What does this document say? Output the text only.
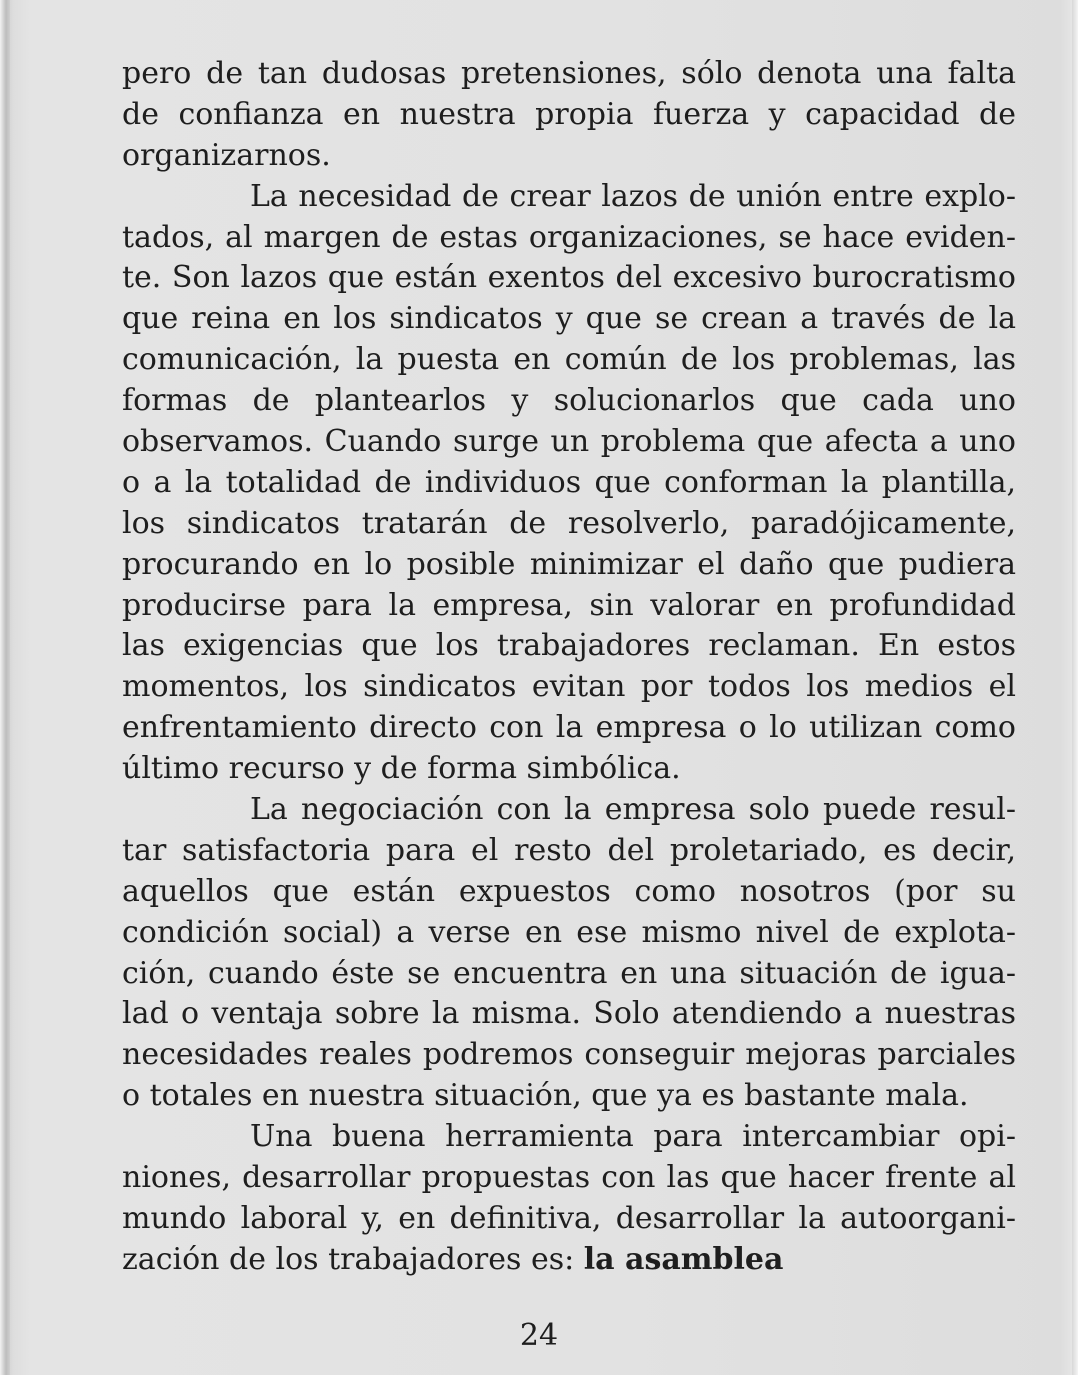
pero de tan dudosas pretensiones, sólo denota una falta
de confianza en nuestra propia fuerza y capacidad de
organizarnos.
La necesidad de crear lazos de unión entre explo-
tados, al margen de estas organizaciones, se hace eviden-
te. Son lazos que están exentos del excesivo burocratismo
que reina en los sindicatos y que se crean a través de la
comunicación, la puesta en común de los problemas, las
formas de plantearlos y solucionarlos que cada uno
observamos. Cuando surge un problema que afecta a uno
o a la totalidad de individuos que conforman la plantilla,
los sindicatos tratarán de resolverlo, paradójicamente,
procurando en lo posible minimizar el daño que pudiera
producirse para la empresa, sin valorar en profundidad
las exigencias que los trabajadores reclaman. En estos
momentos, los sindicatos evitan por todos los medios el
enfrentamiento directo con la empresa o lo utilizan como
último recurso y de forma simbólica.
La negociación con la empresa solo puede resul-
tar satisfactoria para el resto del proletariado, es decir,
aquellos que están expuestos como nosotros (por su
condición social) a verse en ese mismo nivel de explota-
ción, cuando éste se encuentra en una situación de igua-
lad o ventaja sobre la misma. Solo atendiendo a nuestras
necesidades reales podremos conseguir mejoras parciales
o totales en nuestra situación, que ya es bastante mala.
Una buena herramienta para intercambiar opi-
niones, desarrollar propuestas con las que hacer frente al
mundo laboral y, en definitiva, desarrollar la autoorgani-
zación de los trabajadores es: la asamblea
24
